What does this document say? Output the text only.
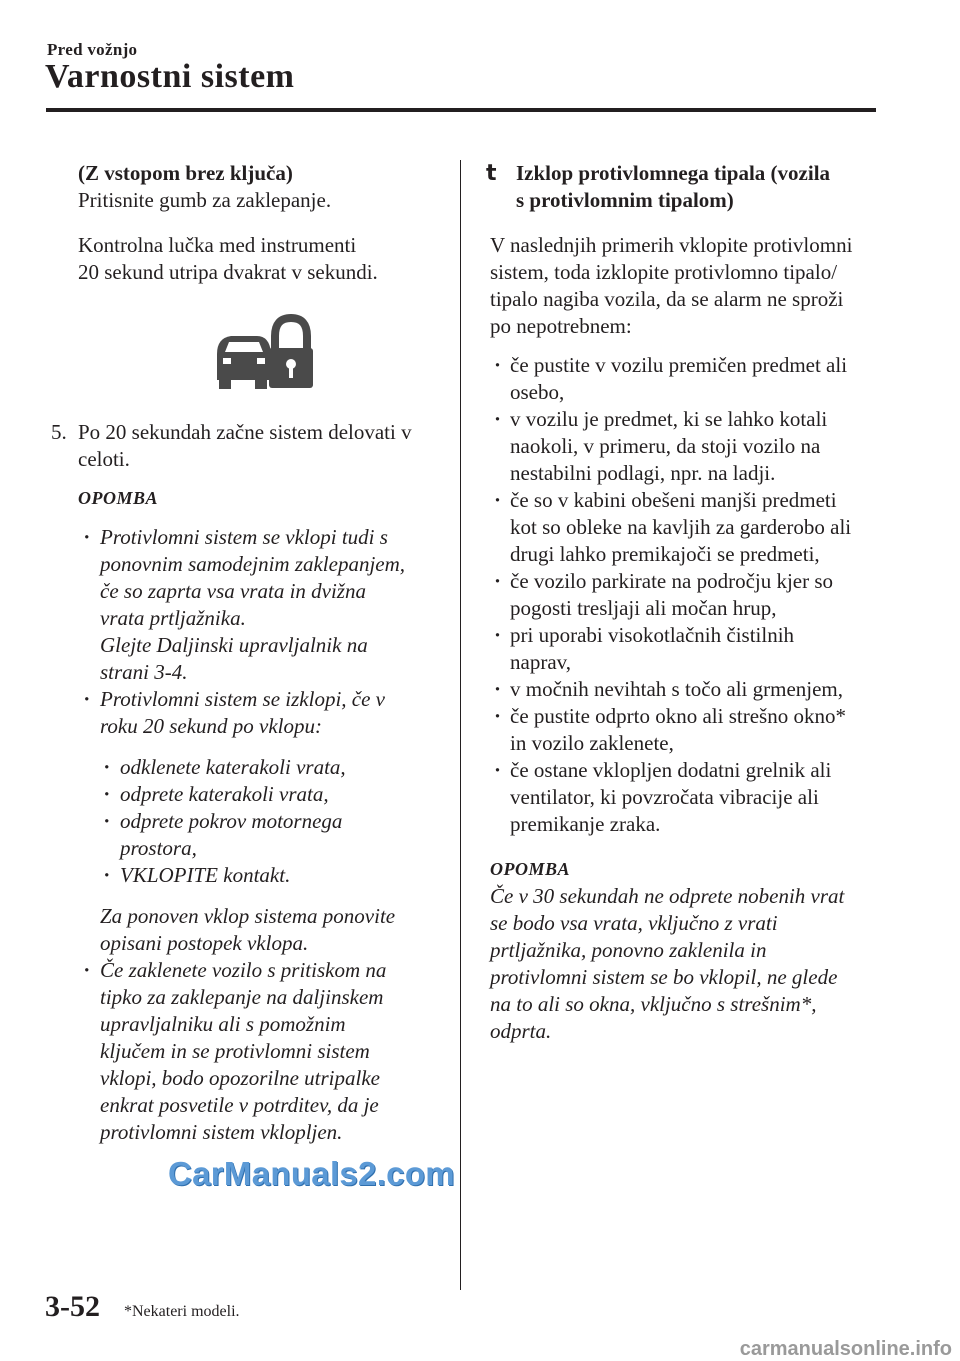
Pred vožnjo
Varnostni sistem

(Z vstopom brez ključa)

Pritisnite gumb za zaklepanje.

Kontrolna lučka med instrumenti

20 sekund utripa dvakrat v sekundi.

5. Po 20 sekundah začne sistem delovati v

celoti.

OPOMBA

· Protivlomni sistem se vklopi tudi s

ponovnim samodejnim zaklepanjem,

če so zaprta vsa vrata in dvižna

vrata prtljažnika.

Glejte Daljinski upravljalnik na

strani 3-4.

· Protivlomni sistem se izklopi, če v

roku 20 sekund po vklopu:

· odklenete katerakoli vrata,

· odprete katerakoli vrata,

· odprete pokrov motornega

prostora,

· VKLOPITE kontakt.

Za ponoven vklop sistema ponovite

opisani postopek vklopa.

· Če zaklenete vozilo s pritiskom na

tipko za zaklepanje na daljinskem

upravljalniku ali s pomožnim

ključem in se protivlomni sistem

vklopi, bodo opozorilne utripalke

enkrat posvetile v potrditev, da je

protivlomni sistem vklopljen.

t Izklop protivlomnega tipala (vozila

s protivlomnim tipalom)

V naslednjih primerih vklopite protivlomni

sistem, toda izklopite protivlomno tipalo/

tipalo nagiba vozila, da se alarm ne sproži

po nepotrebnem:

· če pustite v vozilu premičen predmet ali

osebo,

· v vozilu je predmet, ki se lahko kotali

naokoli, v primeru, da stoji vozilo na

nestabilni podlagi, npr. na ladji.

· če so v kabini obešeni manjši predmeti

kot so obleke na kavljih za garderobo ali

drugi lahko premikajoči se predmeti,

· če vozilo parkirate na področju kjer so

pogosti tresljaji ali močan hrup,

· pri uporabi visokotlačnih čistilnih

naprav,

· v močnih nevihtah s točo ali grmenjem,

· če pustite odprto okno ali strešno okno*

in vozilo zaklenete,

· če ostane vklopljen dodatni grelnik ali

ventilator, ki povzročata vibracije ali

premikanje zraka.

OPOMBA

Če v 30 sekundah ne odprete nobenih vrat

se bodo vsa vrata, vključno z vrati

prtljažnika, ponovno zaklenila in

protivlomni sistem se bo vklopil, ne glede

na to ali so okna, vključno s strešnim*,

odprta.

CarManuals2.com
3-52 *Nekateri modeli.
carmanualsonline.info
